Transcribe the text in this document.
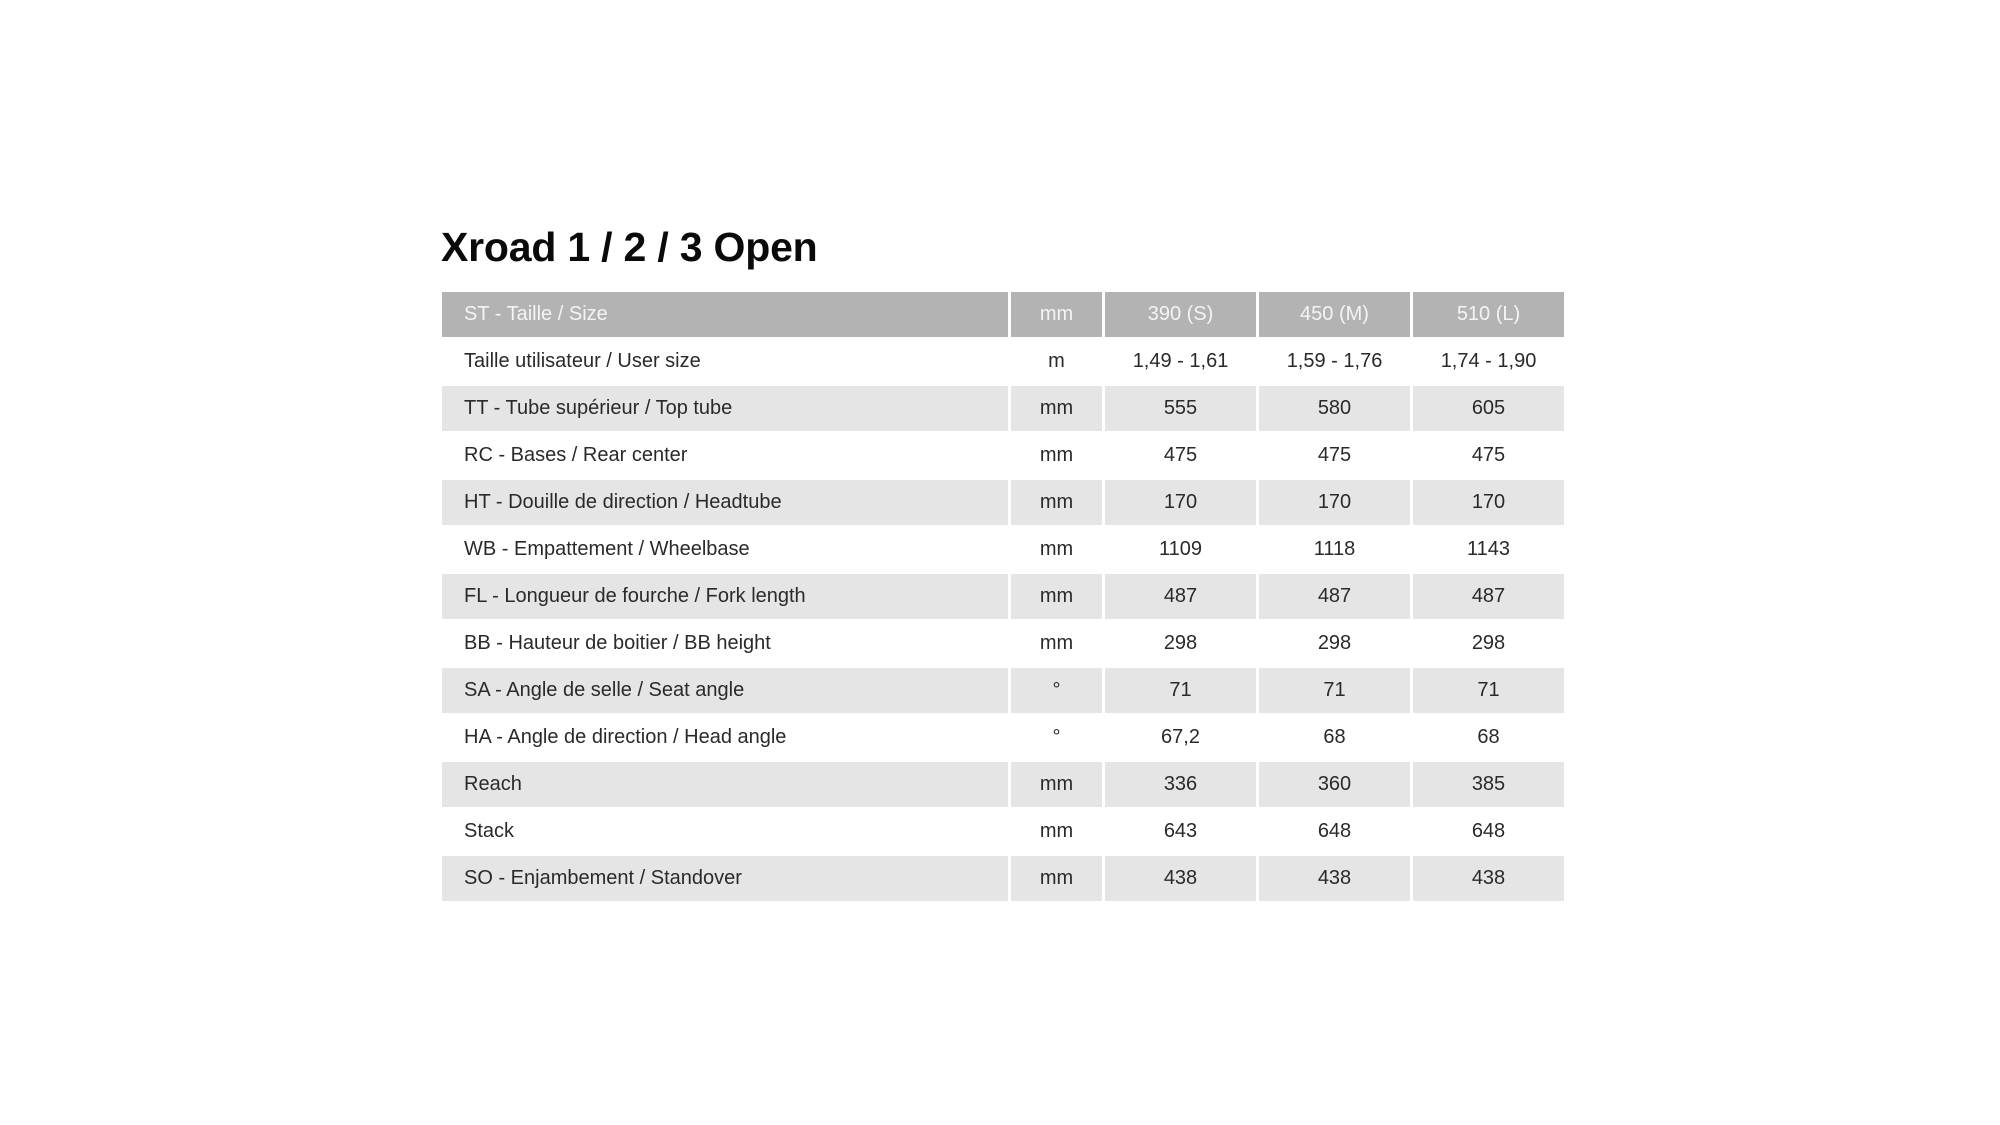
Xroad 1 / 2 / 3 Open
ST - Taille / Size	mm	390 (S)	450 (M)	510 (L)
Taille utilisateur / User size	m	1,49 - 1,61	1,59 - 1,76	1,74 - 1,90
TT - Tube supérieur / Top tube	mm	555	580	605
RC - Bases / Rear center	mm	475	475	475
HT - Douille de direction / Headtube	mm	170	170	170
WB - Empattement / Wheelbase	mm	1109	1118	1143
FL - Longueur de fourche / Fork length	mm	487	487	487
BB - Hauteur de boitier / BB height	mm	298	298	298
SA - Angle de selle / Seat angle	°	71	71	71
HA - Angle de direction / Head angle	°	67,2	68	68
Reach	mm	336	360	385
Stack	mm	643	648	648
SO - Enjambement / Standover	mm	438	438	438
